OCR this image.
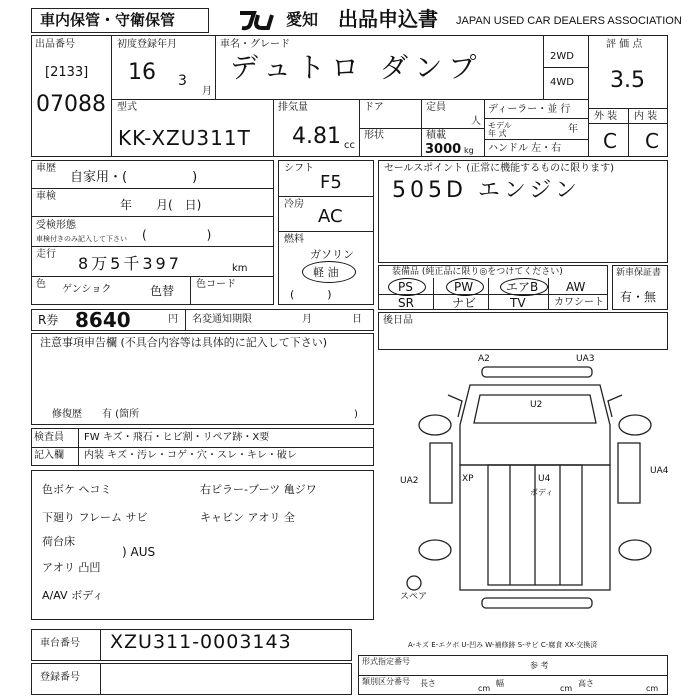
車内保管・守衛保管	愛知 出品申込書 JAPAN USED CAR DEALERS ASSOCIATION
出品番号
[2133]
07088
初度登録年月
16 3
月
車名・グレード
デュトロ ダンプ	2WD
4WD
評 価 点
3.5
外 装 内 装
C C
型式
KK-XZU311T
排気量
4.81 cc
ドア	定員
人
形状	積載
3000 kg
ディーラー・並 行
モデル
年 式	年
ハンドル 左・右
車歴
自家用・(　　　　　)
車検
年　　月(　日)
受検形態
車検付きのみ記入して下さい (　　　　　)
走行 8万5千397	km
色 ゲンショク	色替 色コード
シフト
F5
冷房
AC
燃料
ガソリン
軽 油
(　　　)
セールスポイント (正常に機能するものに限ります)
505D エンジン
装備品 (純正品に限り◎をつけてください)
PS	PW	エアB AW
SR	ナビ	TV	カワシート
新車保証書
有・無
R券 8640	円 名変通知期限	月	日 後日品
注意事項申告欄 (不具合内容等は具体的に記入して下さい)
修復歴　　有 (箇所	)
検査員
記入欄
FW キズ・飛石・ヒビ割・リペア跡・X要
内装 キズ・汚レ・コゲ・穴・スレ・キレ・破レ
色ボケ ヘコミ
下廻り フレーム サビ
荷台床
アオリ 凸凹
A/AV ボディ
) AUS
右ピラー-ブーツ 亀ジワ
キャビン アオリ 全
A2	UA3
U2
UA2	XP	U4
ボディ
UA4
スペア
A-キズ E-エクボ U-凹み W-補修跡 S-サビ C-腐食 XX-交換済
車台番号 XZU311-0003143
登録番号
形式指定番号	参 考
類別区分番号 長さ
cm
幅
cm
高さ
cm
